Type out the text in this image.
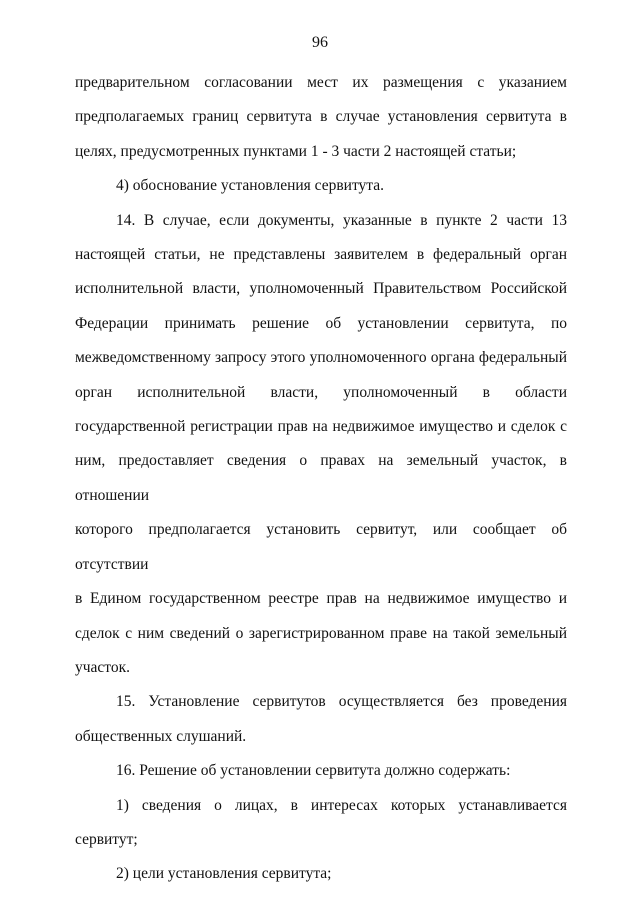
96

предварительном согласовании мест их размещения с указанием
предполагаемых границ сервитута в случае установления сервитута в
целях, предусмотренных пунктами 1 - 3 части 2 настоящей статьи;

4) обоснование установления сервитута.

14. В случае, если документы, указанные в пункте 2 части 13
настоящей статьи, не представлены заявителем в федеральный орган
исполнительной власти, уполномоченный Правительством Российской
Федерации принимать решение об установлении сервитута, по
межведомственному запросу этого уполномоченного органа федеральный
орган исполнительной власти, уполномоченный в области
государственной регистрации прав на недвижимое имущество и сделок с
ним, предоставляет сведения о правах на земельный участок, в отношении
которого предполагается установить сервитут, или сообщает об отсутствии
в Едином государственном реестре прав на недвижимое имущество и
сделок с ним сведений о зарегистрированном праве на такой земельный
участок.

15. Установление сервитутов осуществляется без проведения
общественных слушаний.

16. Решение об установлении сервитута должно содержать:

1) сведения о лицах, в интересах которых устанавливается сервитут;

2) цели установления сервитута;
